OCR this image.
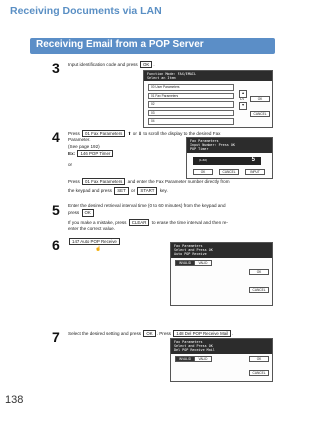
Receiving Documents via LAN
Receiving Email from a POP Server
3 Input identification code and press OK .
Function Mode: FAX/EMAIL
Select an Item
00 User Parameters
01 Fax Parameters
02
03
04
▲
1/1
▼
OK
CANCEL
4 Press 01 Fax Parameters ⬆ or ⬇ to scroll the display to the desired Fax
Parameter.
(See page 192)
Ex: 146 POP Timer
or
Press 01 Fax Parameters and enter the Fax Parameter number directly from
the keypad and press SET or START key.
Fax Parameters
Input Number: Press OK
POP Timer
(1-60)	5
OK	CANCEL	INPUT
5 Enter the desired retrieval interval time (0 to 60 minutes) from the keypad and
press OK
If you make a mistake, press CLEAR to erase the time interval and then re-
enter the correct value.
6	147 Auto POP Receive
☝	Fax Parameters
Select and Press OK
Auto POP Receive
INVALID	VALID
OK
CANCEL
7 Select the desired setting and press OK . Press 148 Del POP Receive Mail .
Fax Parameters
Select and Press OK
Del POP Receive Mail
INVALID	VALID	OK
CANCEL
138
